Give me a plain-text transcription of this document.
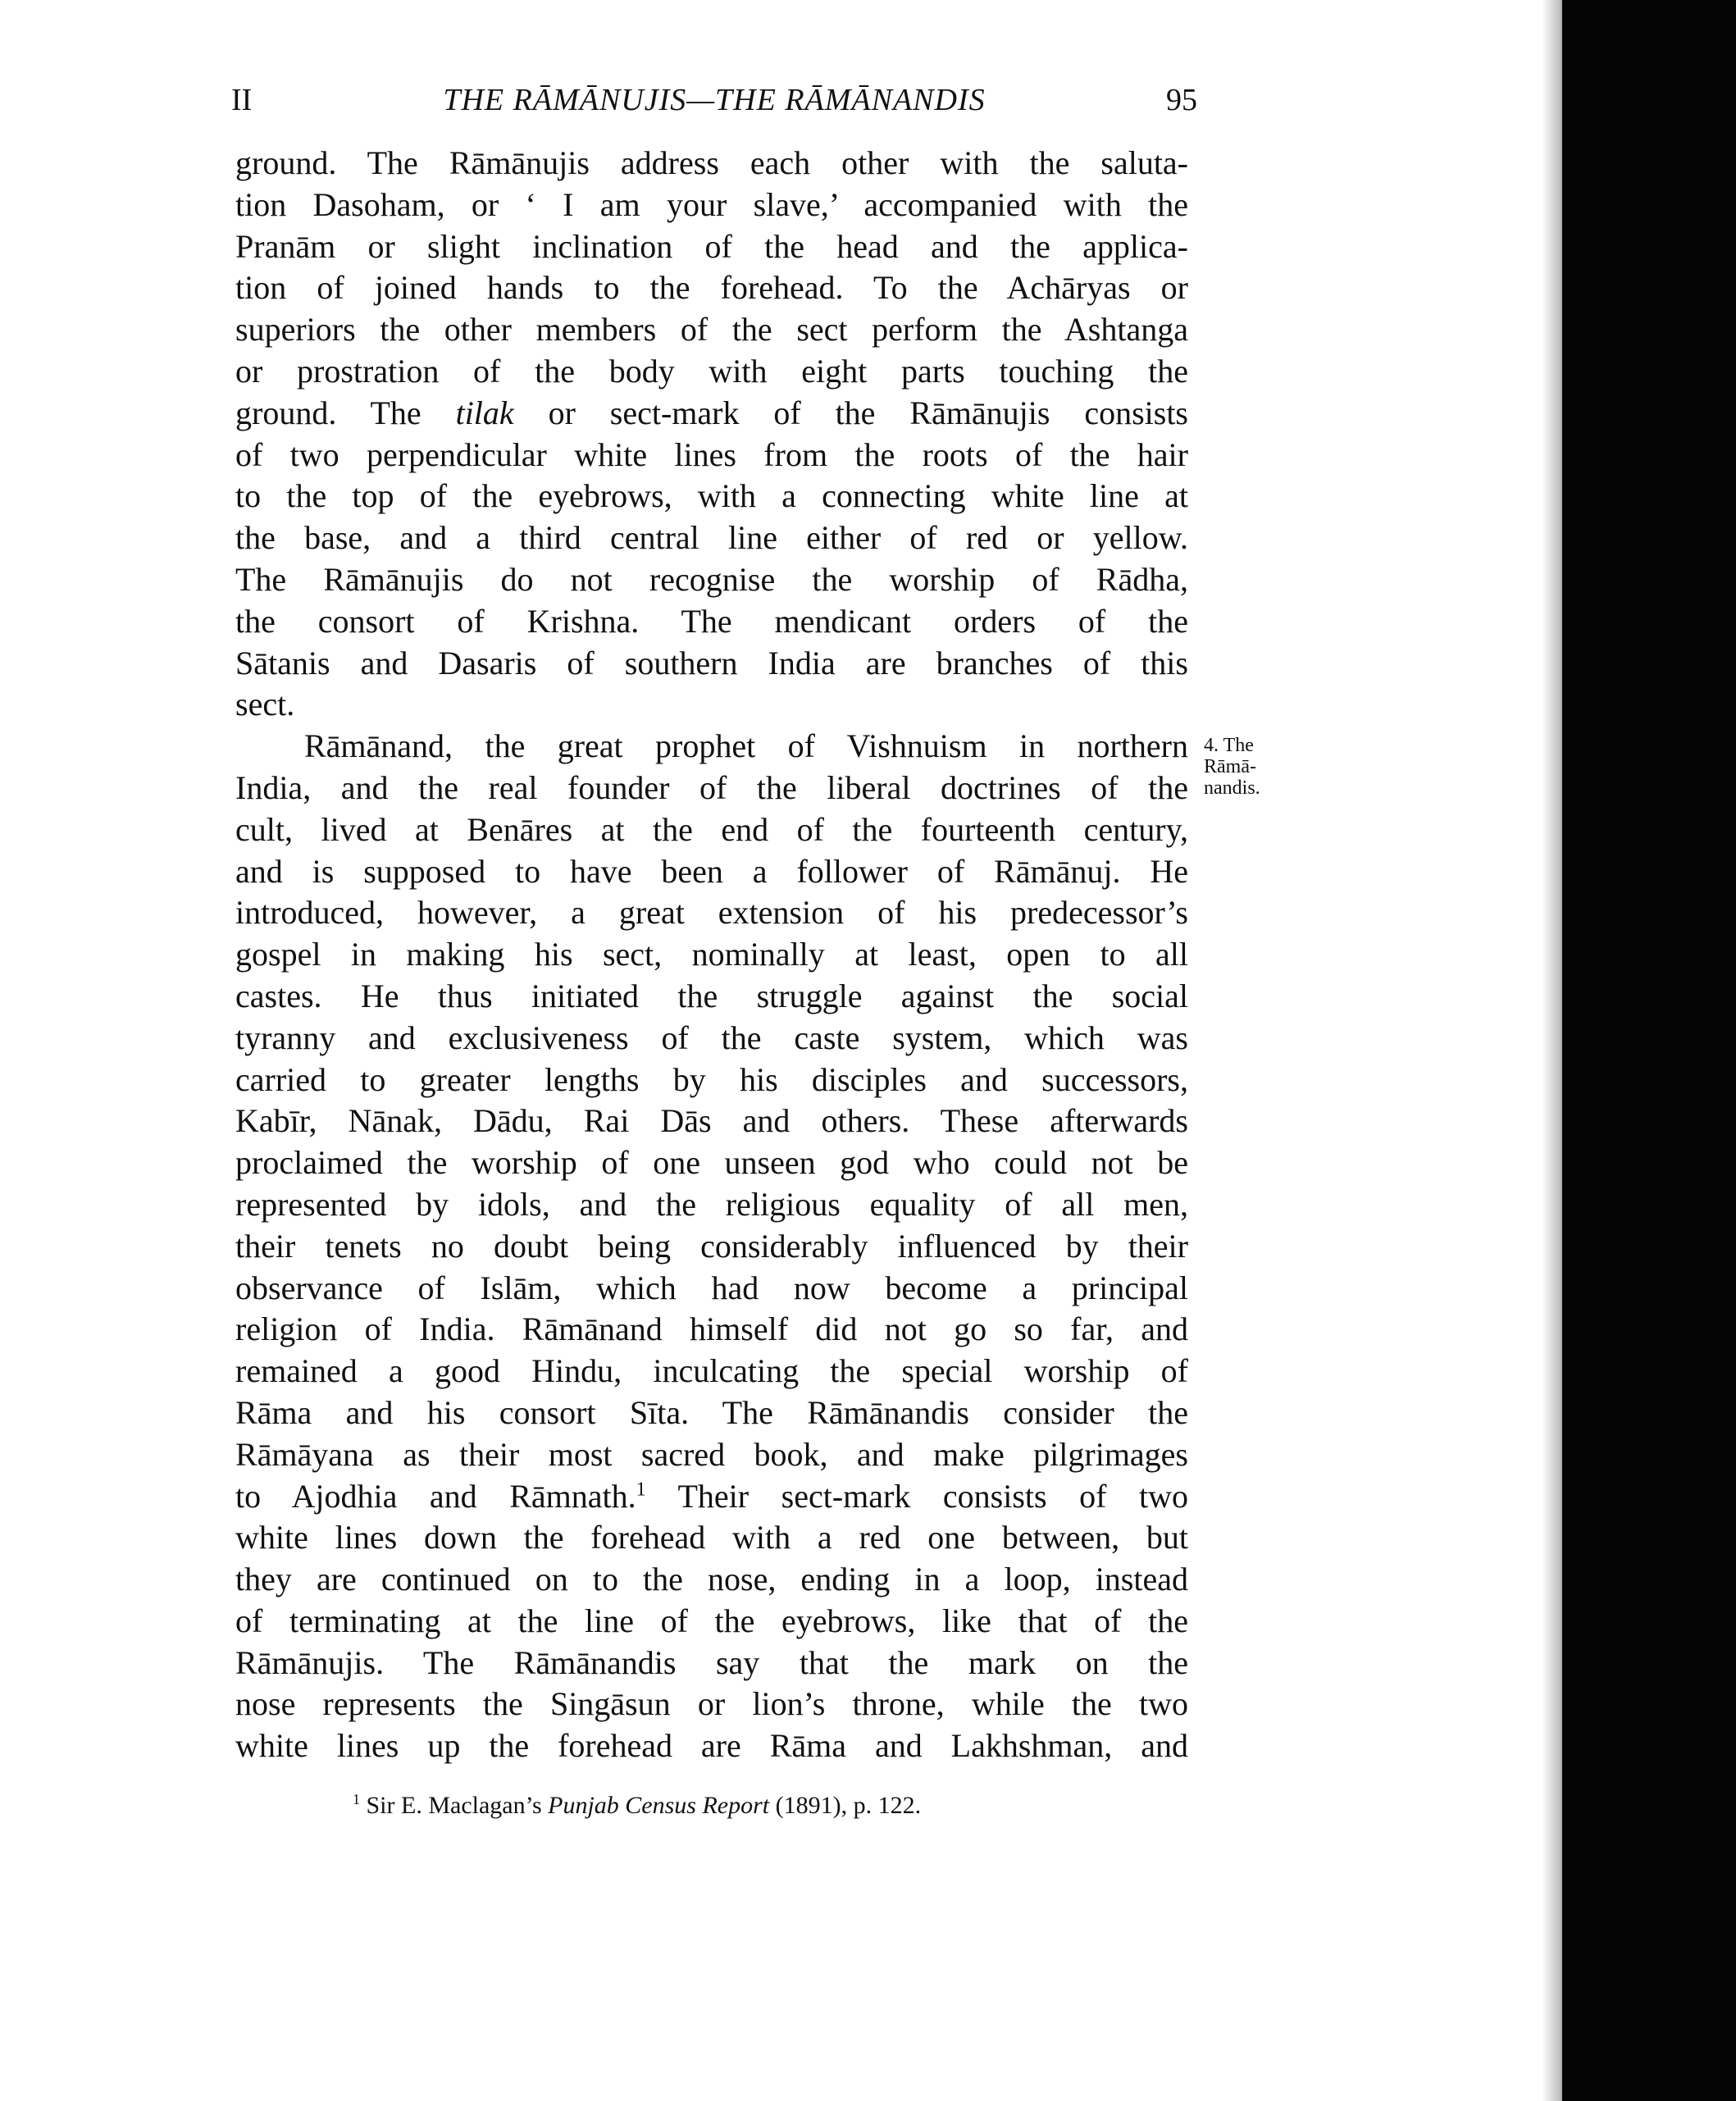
II	THE RĀMĀNUJIS—THE RĀMĀNANDIS	95

ground. The Rāmānujis address each other with the saluta-
tion Dasoham, or ‘ I am your slave,’ accompanied with the
Pranām or slight inclination of the head and the applica-
tion of joined hands to the forehead. To the Achāryas or
superiors the other members of the sect perform the Ashtanga
or prostration of the body with eight parts touching the
ground. The tilak or sect-mark of the Rāmānujis consists
of two perpendicular white lines from the roots of the hair
to the top of the eyebrows, with a connecting white line at
the base, and a third central line either of red or yellow.
The Rāmānujis do not recognise the worship of Rādha,
the consort of Krishna. The mendicant orders of the
Sātanis and Dasaris of southern India are branches of this
sect.

Rāmānand, the great prophet of Vishnuism in northern
India, and the real founder of the liberal doctrines of the
cult, lived at Benāres at the end of the fourteenth century,
and is supposed to have been a follower of Rāmānuj. He
introduced, however, a great extension of his predecessor’s
gospel in making his sect, nominally at least, open to all
castes. He thus initiated the struggle against the social
tyranny and exclusiveness of the caste system, which was
carried to greater lengths by his disciples and successors,
Kabīr, Nānak, Dādu, Rai Dās and others. These afterwards
proclaimed the worship of one unseen god who could not be
represented by idols, and the religious equality of all men,
their tenets no doubt being considerably influenced by their
observance of Islām, which had now become a principal
religion of India. Rāmānand himself did not go so far, and
remained a good Hindu, inculcating the special worship of
Rāma and his consort Sīta. The Rāmānandis consider the
Rāmāyana as their most sacred book, and make pilgrimages
to Ajodhia and Rāmnath.$^1$ Their sect-mark consists of two
white lines down the forehead with a red one between, but
they are continued on to the nose, ending in a loop, instead
of terminating at the line of the eyebrows, like that of the
Rāmānujis. The Rāmānandis say that the mark on the
nose represents the Singāsun or lion’s throne, while the two
white lines up the forehead are Rāma and Lakhshman, and

4. The
Rāmā-
nandis.
$^1$ Sir E. Maclagan’s Punjab Census Report (1891), p. 122.
